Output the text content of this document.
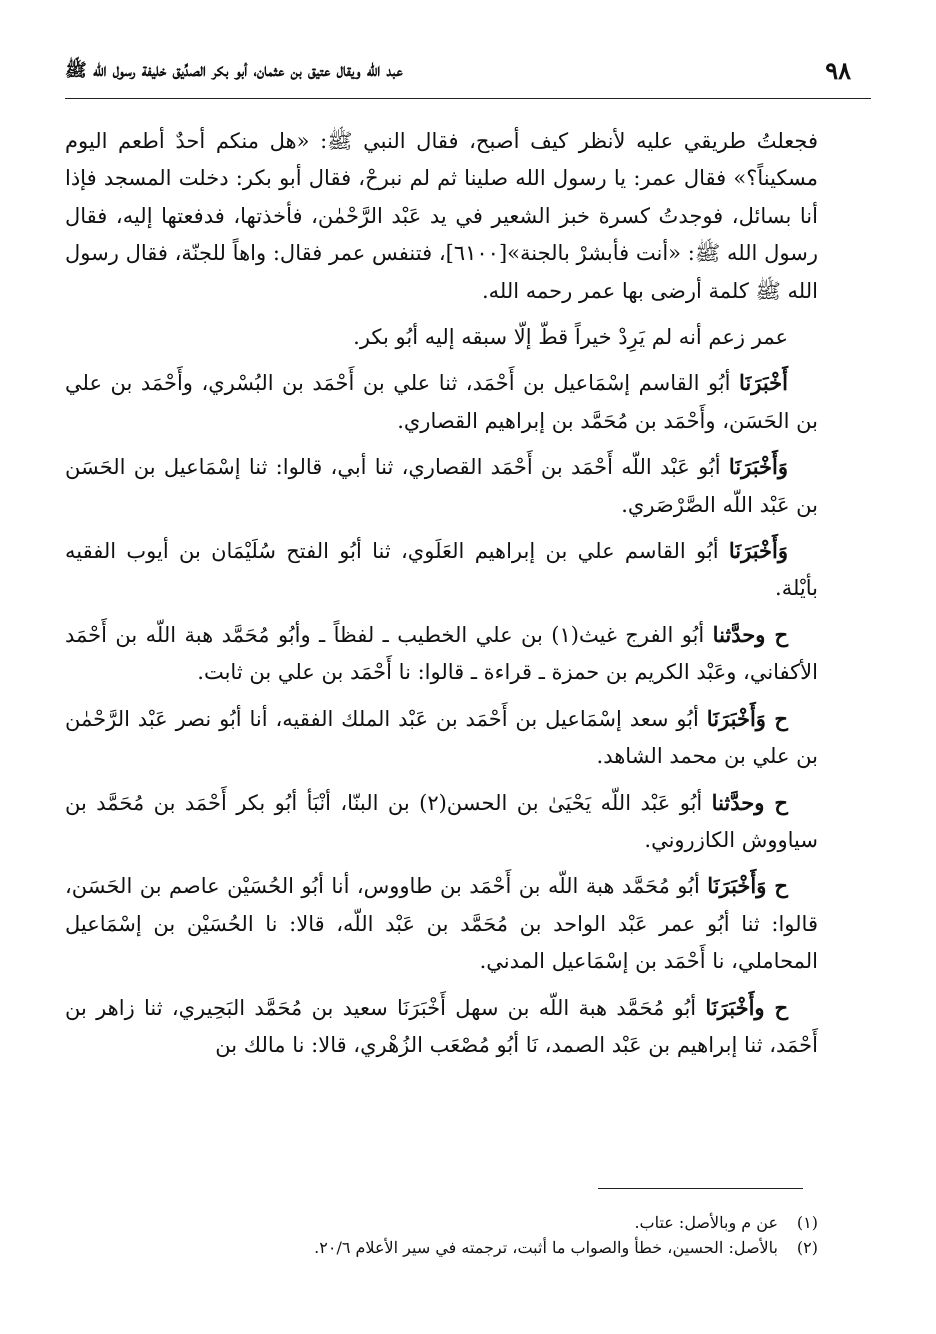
٩٨
عبد الله ويقال عتيق بن عثمان، أبو بكر الصدِّيق خليفة رسول الله ﷺ

فجعلتُ طريقي عليه لأنظر كيف أصبح، فقال النبي ﷺ: «هل منكم أحدٌ أطعم اليوم مسكيناً؟» فقال عمر: يا رسول الله صلينا ثم لم نبرحْ، فقال أبو بكر: دخلت المسجد فإذا أنا بسائل، فوجدتُ كسرة خبز الشعير في يد عَبْد الرَّحْمٰن، فأخذتها، فدفعتها إليه، فقال رسول الله ﷺ: «أنت فأبشرْ بالجنة»[٦١٠٠]، فتنفس عمر فقال: واهاً للجنّة، فقال رسول الله ﷺ كلمة أرضى بها عمر رحمه الله.

عمر زعم أنه لم يَرِدْ خيراً قطّ إلّا سبقه إليه أبُو بكر.

أَخْبَرَنَا أبُو القاسم إسْمَاعيل بن أَحْمَد، ثنا علي بن أَحْمَد بن البُسْري، وأَحْمَد بن علي بن الحَسَن، وأَحْمَد بن مُحَمَّد بن إبراهيم القصاري.

وَأَخْبَرَنَا أبُو عَبْد اللّه أَحْمَد بن أَحْمَد القصاري، ثنا أبي، قالوا: ثنا إسْمَاعيل بن الحَسَن بن عَبْد اللّه الصَّرْصَري.

وَأَخْبَرَنَا أبُو القاسم علي بن إبراهيم العَلَوي، ثنا أبُو الفتح سُلَيْمَان بن أيوب الفقيه بأيْلة.

ح وحدَّثنا أبُو الفرج غيث(١) بن علي الخطيب ـ لفظاً ـ وأبُو مُحَمَّد هبة اللّه بن أَحْمَد الأكفاني، وعَبْد الكريم بن حمزة ـ قراءة ـ قالوا: نا أَحْمَد بن علي بن ثابت.

ح وَأَخْبَرَنَا أبُو سعد إسْمَاعيل بن أَحْمَد بن عَبْد الملك الفقيه، أنا أبُو نصر عَبْد الرَّحْمٰن بن علي بن محمد الشاهد.

ح وحدَّثنا أبُو عَبْد اللّه يَحْيَىٰ بن الحسن(٢) بن البنّا، أنْبَأ أبُو بكر أَحْمَد بن مُحَمَّد بن سياووش الكازروني.

ح وَأَخْبَرَنَا أبُو مُحَمَّد هبة اللّه بن أَحْمَد بن طاووس، أنا أبُو الحُسَيْن عاصم بن الحَسَن، قالوا: ثنا أبُو عمر عَبْد الواحد بن مُحَمَّد بن عَبْد اللّه، قالا: نا الحُسَيْن بن إسْمَاعيل المحاملي، نا أَحْمَد بن إسْمَاعيل المدني.

ح وأَخْبَرَنَا أبُو مُحَمَّد هبة اللّه بن سهل أَخْبَرَنَا سعيد بن مُحَمَّد البَحِيري، ثنا زاهر بن أَحْمَد، ثنا إبراهيم بن عَبْد الصمد، نَا أبُو مُصْعَب الزُهْري، قالا: نا مالك بن

(١)عن م وبالأصل: عتاب.
(٢)بالأصل: الحسين، خطأ والصواب ما أثبت، ترجمته في سير الأعلام ٢٠/٦.
